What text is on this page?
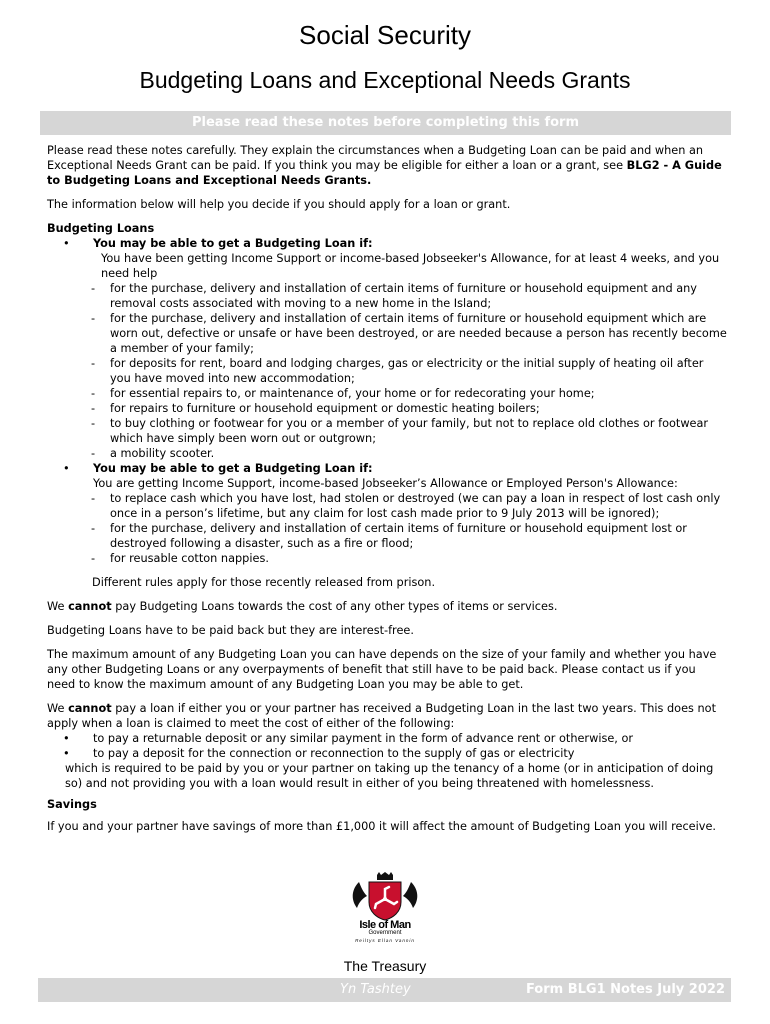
Social Security
Budgeting Loans and Exceptional Needs Grants
Please read these notes before completing this form

Please read these notes carefully. They explain the circumstances when a Budgeting Loan can be paid and when an Exceptional Needs Grant can be paid. If you think you may be eligible for either a loan or a grant, see BLG2 - A Guide to Budgeting Loans and Exceptional Needs Grants.

The information below will help you decide if you should apply for a loan or grant.

Budgeting Loans
• You may be able to get a Budgeting Loan if:
You have been getting Income Support or income-based Jobseeker's Allowance, for at least 4 weeks, and you need help
- for the purchase, delivery and installation of certain items of furniture or household equipment and any removal costs associated with moving to a new home in the Island;
- for the purchase, delivery and installation of certain items of furniture or household equipment which are worn out, defective or unsafe or have been destroyed, or are needed because a person has recently become a member of your family;
- for deposits for rent, board and lodging charges, gas or electricity or the initial supply of heating oil after you have moved into new accommodation;
- for essential repairs to, or maintenance of, your home or for redecorating your home;
- for repairs to furniture or household equipment or domestic heating boilers;
- to buy clothing or footwear for you or a member of your family, but not to replace old clothes or footwear which have simply been worn out or outgrown;
- a mobility scooter.
• You may be able to get a Budgeting Loan if:
You are getting Income Support, income-based Jobseeker’s Allowance or Employed Person's Allowance:
- to replace cash which you have lost, had stolen or destroyed (we can pay a loan in respect of lost cash only once in a person’s lifetime, but any claim for lost cash made prior to 9 July 2013 will be ignored);
- for the purchase, delivery and installation of certain items of furniture or household equipment lost or destroyed following a disaster, such as a fire or flood;
- for reusable cotton nappies.

Different rules apply for those recently released from prison.

We cannot pay Budgeting Loans towards the cost of any other types of items or services.

Budgeting Loans have to be paid back but they are interest-free.

The maximum amount of any Budgeting Loan you can have depends on the size of your family and whether you have any other Budgeting Loans or any overpayments of benefit that still have to be paid back. Please contact us if you need to know the maximum amount of any Budgeting Loan you may be able to get.

We cannot pay a loan if either you or your partner has received a Budgeting Loan in the last two years. This does not apply when a loan is claimed to meet the cost of either of the following:
• to pay a returnable deposit or any similar payment in the form of advance rent or otherwise, or
• to pay a deposit for the connection or reconnection to the supply of gas or electricity

which is required to be paid by you or your partner on taking up the tenancy of a home (or in anticipation of doing so) and not providing you with a loan would result in either of you being threatened with homelessness.

Savings

If you and your partner have savings of more than £1,000 it will affect the amount of Budgeting Loan you will receive.

Isle of Man
Government
Reiltys Ellan Vannin
The Treasury
Yn Tashtey	Form BLG1 Notes July 2022
